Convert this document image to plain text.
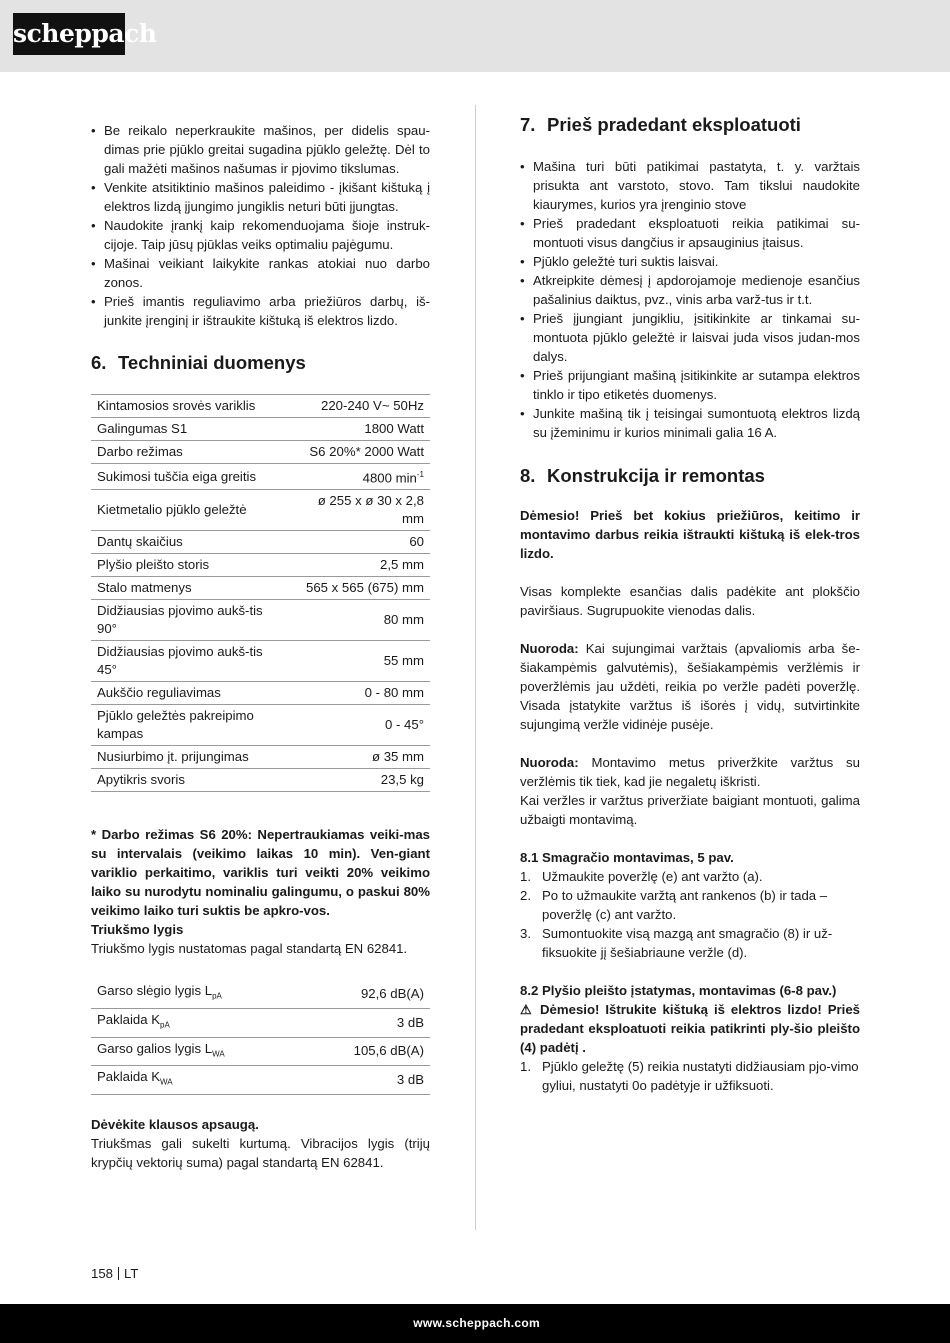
scheppach
• Be reikalo neperkraukite mašinos, per didelis spau-dimas prie pjūklo greitai sugadina pjūklo geležtę. Dėl to gali mažėti mašinos našumas ir pjovimo tikslumas.
• Venkite atsitiktinio mašinos paleidimo - įkišant kištuką į elektros lizdą įjungimo jungiklis neturi būti įjungtas.
• Naudokite įrankį kaip rekomenduojama šioje instruk-cijoje. Taip jūsų pjūklas veiks optimaliu pajėgumu.
• Mašinai veikiant laikykite rankas atokiai nuo darbo zonos.
• Prieš imantis reguliavimo arba priežiūros darbų, iš-junkite įrenginį ir ištraukite kištuką iš elektros lizdo.
6. Techniniai duomenys
Kintamosios srovės variklis	220-240 V~ 50Hz
Galingumas S1	1800 Watt
Darbo režimas	S6 20%* 2000 Watt
Sukimosi tuščia eiga greitis	4800 $\min^{-1}$
Kietmetalio pjūklo geležtė	ø 255 x ø 30 x 2,8 mm
Dantų skaičius	60
Plyšio pleišto storis	2,5 mm
Stalo matmenys	565 x 565 (675) mm
Didžiausias pjovimo aukš-tis 90°	80 mm
Didžiausias pjovimo aukš-tis 45°	55 mm
Aukščio reguliavimas	0 - 80 mm
Pjūklo geležtės pakreipimo kampas	0 - 45°
Nusiurbimo įt. prijungimas	ø 35 mm
Apytikris svoris	23,5 kg

* Darbo režimas S6 20%: Nepertraukiamas veiki-mas su intervalais (veikimo laikas 10 min). Ven-giant variklio perkaitimo, variklis turi veikti 20% veikimo laiko su nurodytu nominaliu galingumu, o paskui 80% veikimo laiko turi suktis be apkro-vos.

Triukšmo lygis

Triukšmo lygis nustatomas pagal standartą EN 62841.

Garso slėgio lygis $L_{pA}$	92,6 dB(A)
Paklaida $K_{pA}$	3 dB
Garso galios lygis $L_{WA}$	105,6 dB(A)
Paklaida $K_{WA}$	3 dB

Dėvėkite klausos apsaugą.

Triukšmas gali sukelti kurtumą. Vibracijos lygis (trijų krypčių vektorių suma) pagal standartą EN 62841.

7. Prieš pradedant eksploatuoti
• Mašina turi būti patikimai pastatyta, t. y. varžtais prisukta ant varstoto, stovo. Tam tikslui naudokite kiaurymes, kurios yra įrenginio stove
• Prieš pradedant eksploatuoti reikia patikimai su-montuoti visus dangčius ir apsauginius įtaisus.
• Pjūklo geležtė turi suktis laisvai.
• Atkreipkite dėmesį į apdorojamoje medienoje esančius pašalinius daiktus, pvz., vinis arba varž-tus ir t.t.
• Prieš įjungiant jungikliu, įsitikinkite ar tinkamai su-montuota pjūklo geležtė ir laisvai juda visos judan-mos dalys.
• Prieš prijungiant mašiną įsitikinkite ar sutampa elektros tinklo ir tipo etiketės duomenys.
• Junkite mašiną tik į teisingai sumontuotą elektros lizdą su įžeminimu ir kurios minimali galia 16 A.
8. Konstrukcija ir remontas

Dėmesio! Prieš bet kokius priežiūros, keitimo ir montavimo darbus reikia ištraukti kištuką iš elek-tros lizdo.

Visas komplekte esančias dalis padėkite ant plokščio paviršiaus. Sugrupuokite vienodas dalis.

Nuoroda: Kai sujungimai varžtais (apvaliomis arba še-šiakampėmis galvutėmis), šešiakampėmis veržlėmis ir poveržlėmis jau uždėti, reikia po veržle padėti poveržlę. Visada įstatykite varžtus iš išorės į vidų, sutvirtinkite sujungimą veržle vidinėje pusėje.

Nuoroda: Montavimo metus priveržkite varžtus su veržlėmis tik tiek, kad jie negaletų iškristi.

Kai veržles ir varžtus priveržiate baigiant montuoti, galima užbaigti montavimą.

8.1 Smagračio montavimas, 5 pav.

1. Užmaukite poveržlę (e) ant varžto (a).
2. Po to užmaukite varžtą ant rankenos (b) ir tada – poveržlę (c) ant varžto.
3. Sumontuokite visą mazgą ant smagračio (8) ir už-fiksuokite jį šešiabriaune veržle (d).

8.2 Plyšio pleišto įstatymas, montavimas (6-8 pav.)

⚠ Dėmesio! Ištrukite kištuką iš elektros lizdo! Prieš pradedant eksploatuoti reikia patikrinti ply-šio pleišto (4) padėtį .

1. Pjūklo geležtę (5) reikia nustatyti didžiausiam pjo-vimo gyliui, nustatyti 0o padėtyje ir užfiksuoti.
158 LT
www.scheppach.com
